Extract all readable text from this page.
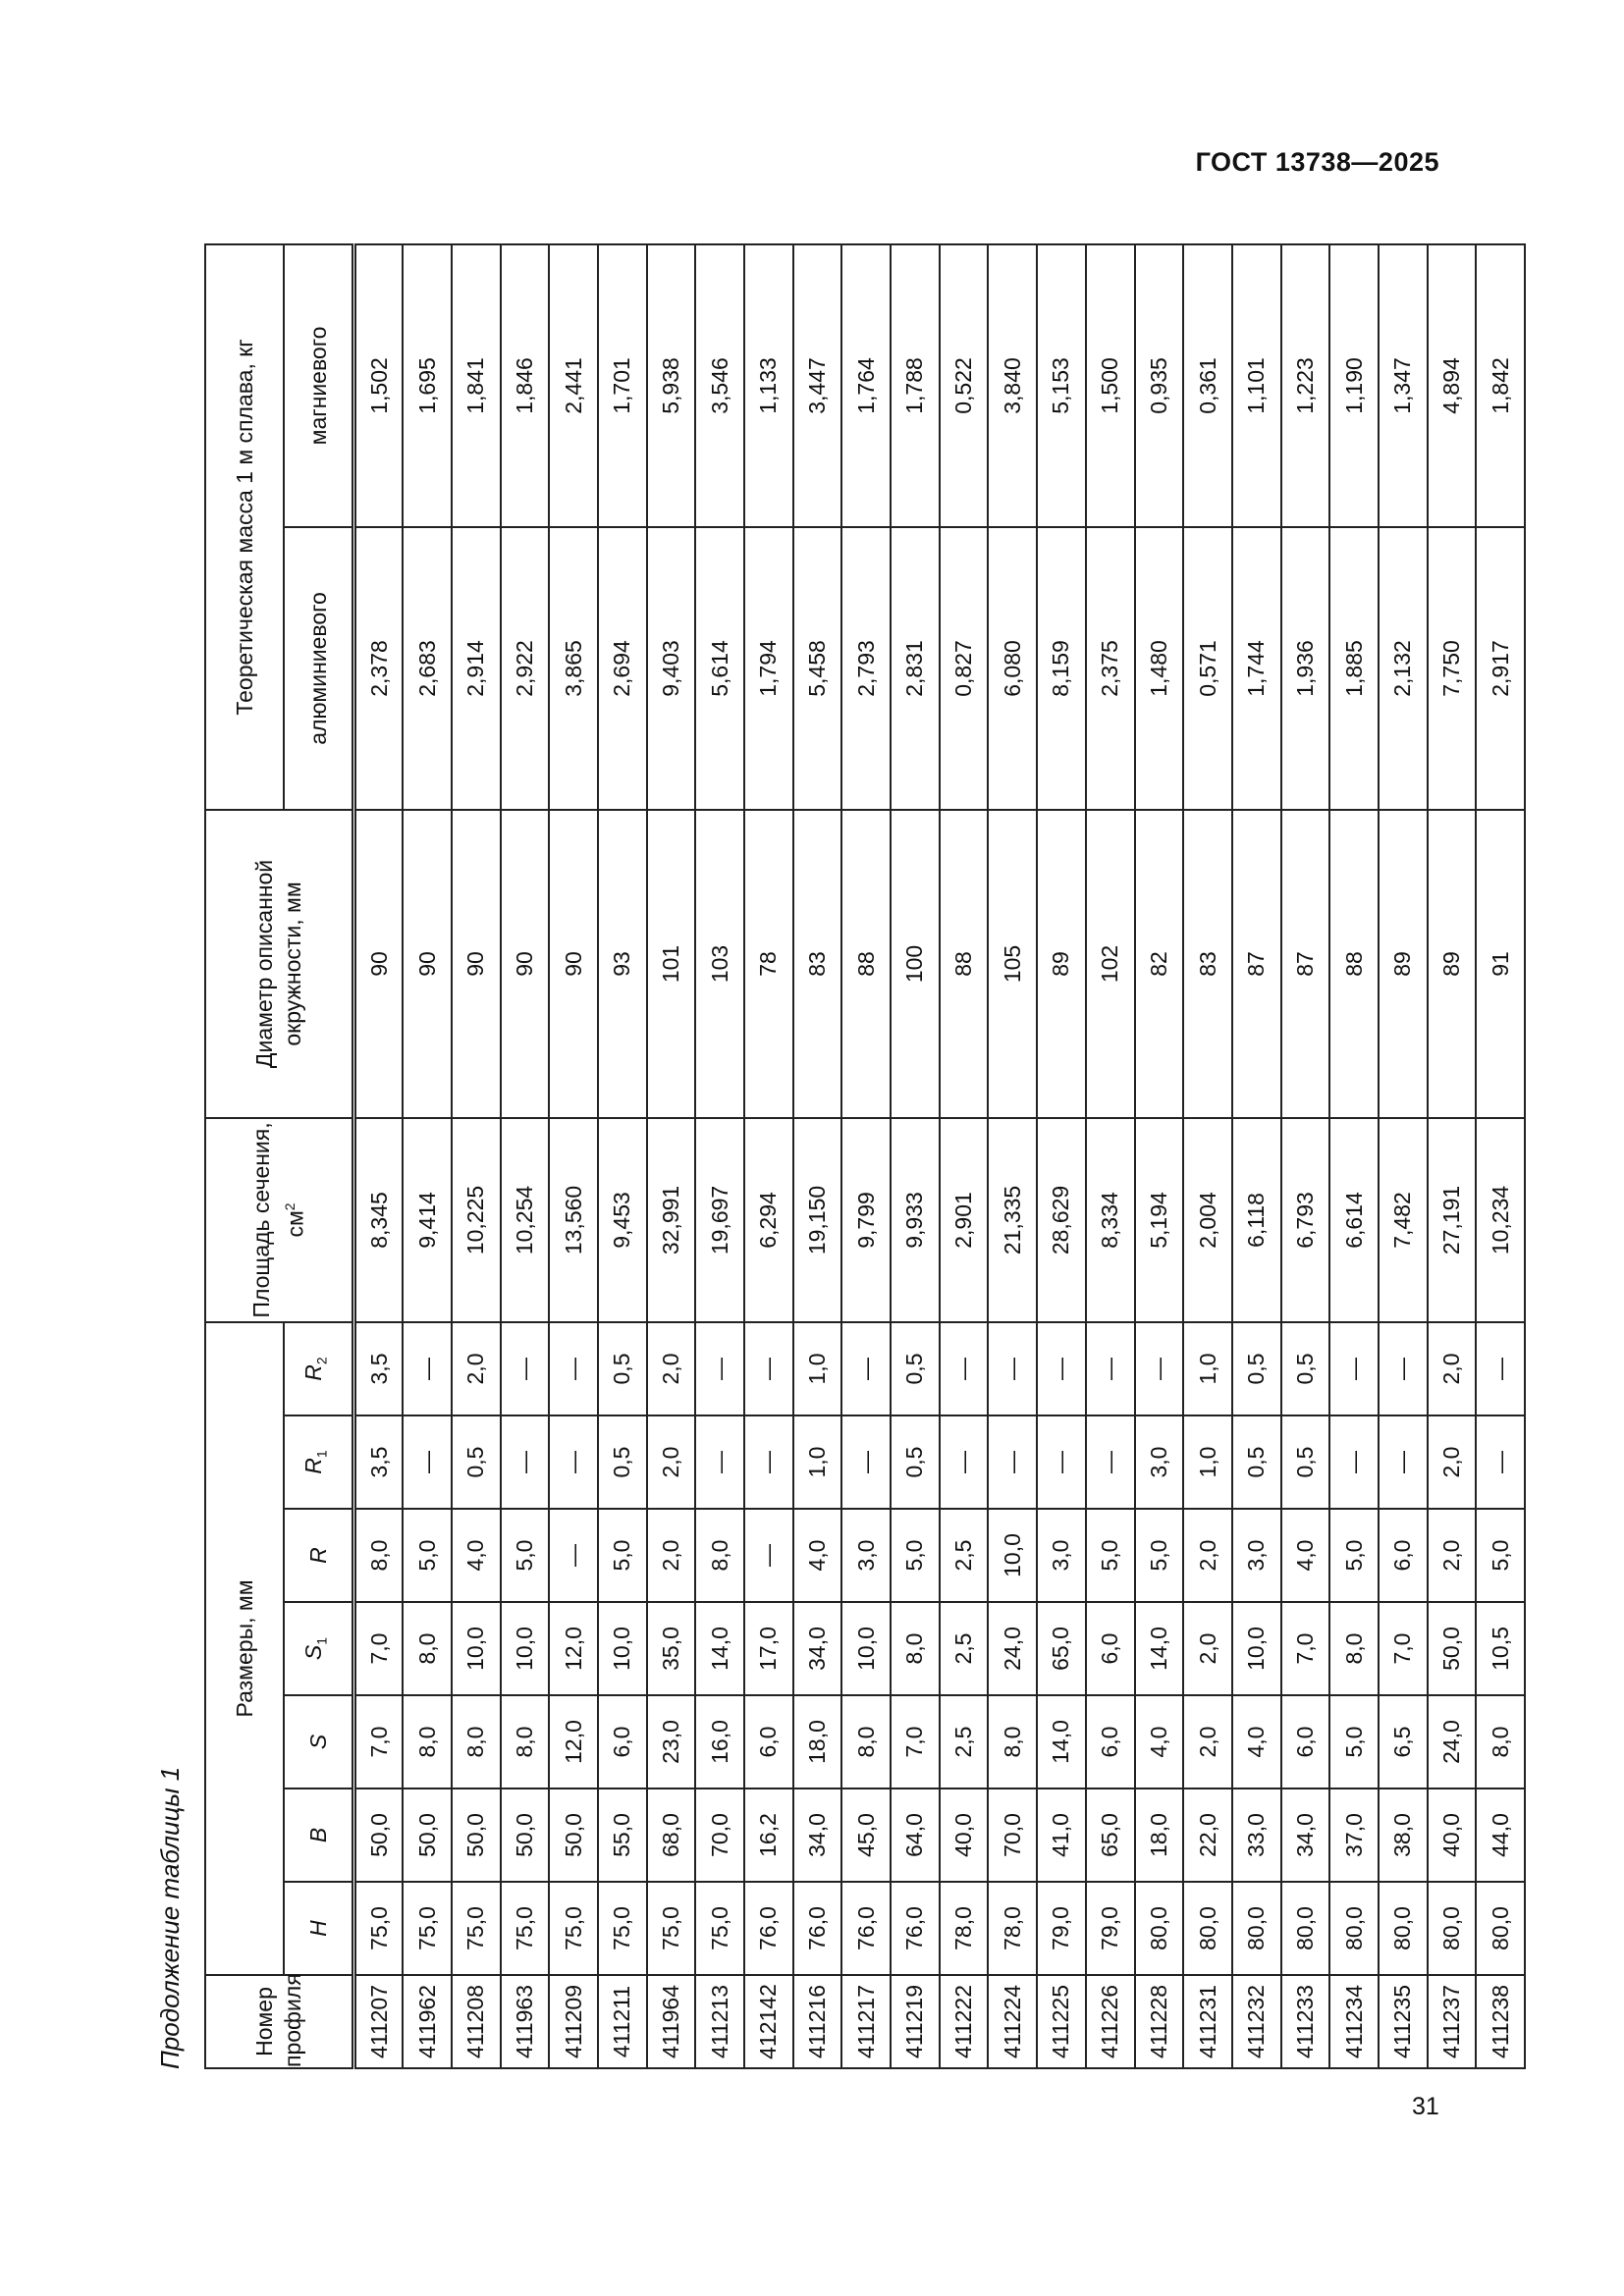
ГОСТ 13738—2025
Продолжение таблицы 1	Номер профиля	Размеры, мм							Площадь сечения, $см^2$	Диаметр описанной окружности, мм	Теоретическая масса 1 м сплава, кг	
	H	B	S	$S_1$	R	$R_1$	$R_2$			алюминиевого	магниевого
411207	75,0	50,0	7,0	7,0	8,0	3,5	3,5	8,345	90	2,378	1,502
411962	75,0	50,0	8,0	8,0	5,0	—	—	9,414	90	2,683	1,695
411208	75,0	50,0	8,0	10,0	4,0	0,5	2,0	10,225	90	2,914	1,841
411963	75,0	50,0	8,0	10,0	5,0	—	—	10,254	90	2,922	1,846
411209	75,0	50,0	12,0	12,0	—	—	—	13,560	90	3,865	2,441
411211	75,0	55,0	6,0	10,0	5,0	0,5	0,5	9,453	93	2,694	1,701
411964	75,0	68,0	23,0	35,0	2,0	2,0	2,0	32,991	101	9,403	5,938
411213	75,0	70,0	16,0	14,0	8,0	—	—	19,697	103	5,614	3,546
412142	76,0	16,2	6,0	17,0	—	—	—	6,294	78	1,794	1,133
411216	76,0	34,0	18,0	34,0	4,0	1,0	1,0	19,150	83	5,458	3,447
411217	76,0	45,0	8,0	10,0	3,0	—	—	9,799	88	2,793	1,764
411219	76,0	64,0	7,0	8,0	5,0	0,5	0,5	9,933	100	2,831	1,788
411222	78,0	40,0	2,5	2,5	2,5	—	—	2,901	88	0,827	0,522
411224	78,0	70,0	8,0	24,0	10,0	—	—	21,335	105	6,080	3,840
411225	79,0	41,0	14,0	65,0	3,0	—	—	28,629	89	8,159	5,153
411226	79,0	65,0	6,0	6,0	5,0	—	—	8,334	102	2,375	1,500
411228	80,0	18,0	4,0	14,0	5,0	3,0	—	5,194	82	1,480	0,935
411231	80,0	22,0	2,0	2,0	2,0	1,0	1,0	2,004	83	0,571	0,361
411232	80,0	33,0	4,0	10,0	3,0	0,5	0,5	6,118	87	1,744	1,101
411233	80,0	34,0	6,0	7,0	4,0	0,5	0,5	6,793	87	1,936	1,223
411234	80,0	37,0	5,0	8,0	5,0	—	—	6,614	88	1,885	1,190
411235	80,0	38,0	6,5	7,0	6,0	—	—	7,482	89	2,132	1,347
411237	80,0	40,0	24,0	50,0	2,0	2,0	2,0	27,191	89	7,750	4,894
411238	80,0	44,0	8,0	10,5	5,0	—	—	10,234	91	2,917	1,842
31
